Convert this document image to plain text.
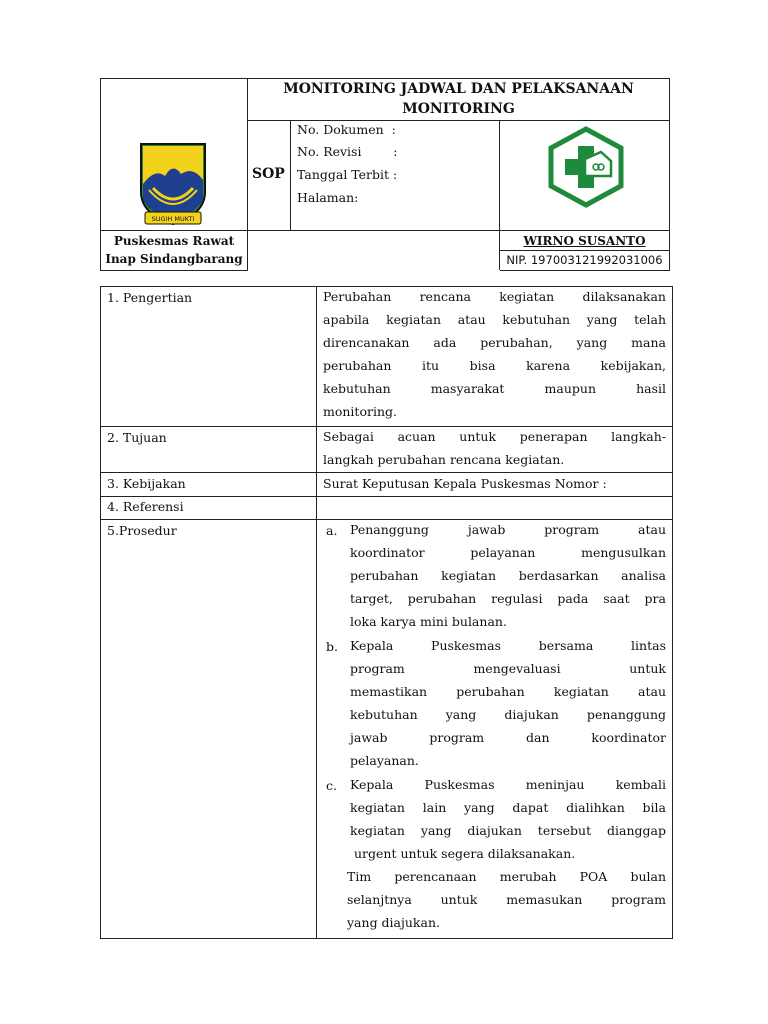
MONITORING JADWAL DAN PELAKSANAAN
MONITORING
SOP
No. Dokumen  :
No. Revisi        :
Tanggal Terbit :
Halaman:
Puskesmas Rawat
Inap Sindangbarang
WIRNO SUSANTO
NIP. 197003121992031006
SUGIH MUKTI
1. Pengertian	Perubahan rencana kegiatan dilaksanakan
apabila kegiatan atau kebutuhan yang telah
direncanakan ada perubahan, yang mana
perubahan itu bisa karena kebijakan,
kebutuhan masyarakat maupun hasil
monitoring.
2. Tujuan	Sebagai acuan untuk penerapan langkah-
langkah perubahan rencana kegiatan.
3. Kebijakan	Surat Keputusan Kepala Puskesmas Nomor :
4. Referensi
5.Prosedur	a. Penanggung jawab program atau
koordinator pelayanan mengusulkan
perubahan kegiatan berdasarkan analisa
target, perubahan regulasi pada saat pra
loka karya mini bulanan.
b. Kepala Puskesmas bersama lintas
program mengevaluasi untuk
memastikan perubahan kegiatan atau
kebutuhan yang diajukan penanggung
jawab program dan koordinator
pelayanan.
c. Kepala Puskesmas meninjau kembali
kegiatan lain yang dapat dialihkan bila
kegiatan yang diajukan tersebut dianggap
urgent untuk segera dilaksanakan.
Tim perencanaan merubah POA bulan
selanjtnya untuk memasukan program
yang diajukan.
